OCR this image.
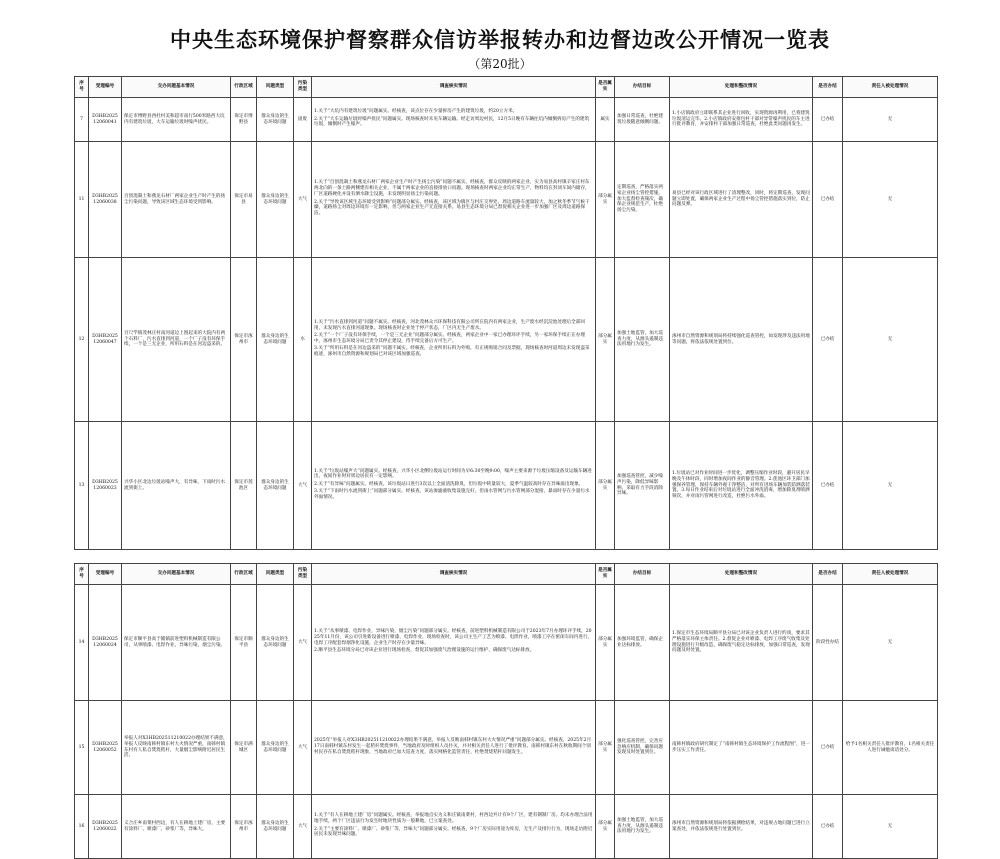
中央生态环境保护督察群众信访举报转办和边督边改公开情况一览表
（第20批）
序号	受理编号	交办问题基本情况	行政区域	问题类型	污染类型	调查核实情况	是否属实	办结目标	处理和整改情况	是否办结	责任人被处理情况
7	D3HB202512060041	保定市博野县西杜村美和超市南行500米路西大坑内有建筑垃圾，大车运输垃圾时噪声扰民。	保定市博野县	群众身边的生态环境问题	固废	1.关于“大坑内有建筑垃圾”问题属实。经核查，该点位存在少量拆房产生的建筑垃圾，约20立方米。

2.关于“大车运输垃圾时噪声扰民”问题属实。现场核查时未见车辆运输。经走访周边村民，12月5日晚有车辆往坑内倾倒拆房产生的建筑垃圾，倾倒时产生噪声。	属实	加强日常巡查，杜绝建筑垃圾随意倾倒问题。	1.小店镇政府立即联系其企业进行回收，实现资源再利用，已将建筑垃圾清运完毕。2.小店镇政府安排包村干部对异常噪声扰民的车主进行批评教育，并安排村干部加强日常巡查，杜绝此类问题再发生。	已办结	无
11	D3HB202512060038	百创混凝土和燕龙石材厂两家企业生产时产生的扬尘污染问题，导致该区域生态环境受到影响。	保定市易县	群众身边的生态环境问题	大气	1.关于“百创混凝土和燕龙石材厂两家企业生产时产生扬尘污染”问题不属实。经核查，群众反映的两家企业，实为易县高村镇辛家庄村东两北向的一条土路两侧建有相关企业，不属于两家企业的直接排放口问题。现场核查时两家企业均正常生产，物料均在封闭车间内储存，厂区道路硬化并设有洒水降尘设施，未发现明显扬尘污染问题。

2.关于“导致该区域生态环境受到影响”问题部分属实。经核查，该区域为镇区与村庄交界处，周边道路车流量较大，加之秋冬季节气候干燥，道路扬尘对周边环境有一定影响，但与两家企业生产无直接关系。易县生态环境分局已督促相关企业进一步加强厂区及周边道路保洁。	部分属实	定期巡查，严格落实两家企业扬尘管控措施，加大监督检查频次，确保企业规范生产，杜绝扬尘污染。	易县已经对该行政区域进行了清理整改，同时，将定期巡查，发现问题立即处置，确保两家企业生产过程中扬尘管控措施落实到位，防止问题反弹。	已办结	无
12	D3HB202512060047	百尺竿镇茂林庄村南河道边上围起来的大院内有两个石料厂，污水直排到河道，一个厂子没有环保手续，一个是三无企业，所用石料是在河边盗采的。	保定市涿州市	群众身边的生态环境问题	水	1.关于“污水直排到河道”问题不属实。经核查，河北茂林众兴环保科技有限公司所在院内有两家企业，生产废水经沉淀池处理后全部回用，未发现污水直排河道现象。现场核查时企业处于停产状态，厂区内无生产废水。

2.关于“一个厂子没有环保手续，一个是三无企业”问题部分属实。经核查，两家企业中一家已办理环评手续，另一家环保手续正在办理中，涿州市生态环境分局已责令其停止建设，待手续完备后方可生产。

3.关于“所用石料是在河边盗采的”问题不属实。经核查，企业所用石料为外购，有正规购销合同及票据，现场核查时河道周边未发现盗采痕迹，涿州市自然资源和规划局已对该区域加强巡查。	部分属实	加强土地监管，加大巡查力度，从源头遏制违法用地行为发生。	涿州市自然资源和规划局将持续强化巡查管控，如发现涉及违法用地等问题，将依法依规处置到位。	已办结	无
13	D3HB202512060023	兴华小区北边垃圾站噪声大，有异味，下雨时污水流到街上。	保定市莲池区	群众身边的生态环境问题	大气	1.关于“垃圾站噪声大”问题属实。经核查，兴华小区北侧垃圾站运行时间为早6:30至晚9:00，噪声主要来源于垃圾压缩设备及运输车辆进出，夜间作业时对周边居民有一定影响。

2.关于“有异味”问题属实。经核查，该垃圾站日进行3次以上全面清洗除臭，但垃圾中转量较大，夏季气温较高时存在异味溢出现象。

3.关于“下雨时污水流到街上”问题部分属实。经核查，该站渗滤液收集设施完好，但雨水管网与污水管网部分混接，暴雨时存在少量污水外溢情况。	部分属实	加强巡查管控，减少噪声污染，降低异味影响，采取有力手段消除异味。	1.垃圾站已对作业时间进一步优化，调整压缩作业时段，避开居民早晚及午休时段，同时增加夜间作业的静音管理。2.莲池区环卫部门加强保养管理，保持车辆外观干净整洁，对所有进场车辆加装防洒落装置。3.每日作业结束后对垃圾站进行全面冲洗消毒，增加除臭剂喷洒频次，并对雨污管网进行改造，杜绝污水外溢。	已办结	无
序号	受理编号	交办问题基本情况	行政区域	问题类型	污染类型	调查核实情况	是否属实	办结目标	处理和整改情况	是否办结	责任人被处理情况
14	D3HB202512060024	保定市顺平县高于铺镇前进塑料机械制造有限公司，从事喷漆、电焊作业，异味污染，烟尘污染。	保定市顺平县	群众身边的生态环境问题	大气	1.关于“从事喷漆、电焊作业，异味污染，烟尘污染”问题部分属实。经核查，前进塑料机械制造有限公司于2023年7月办理环评手续，2025年11月份，该公司引进新设备进行喷漆、电焊作业，现场检查时，该公司主生产工艺为喷漆、电焊作业，喷漆工序在密闭车间内进行，电焊工序配套焊烟净化设施，企业生产时存在少量异味。

2.顺平县生态环境分局已对该企业进行现场检查，督促其加强废气治理设施的运行维护，确保废气达标排放。	部分属实	加强环境监管，确保企业达标排放。	1.保定市生态环境局顺平县分局已对该企业负责人进行约谈，要求其严格落实环保主体责任。2.督促企业对喷漆、电焊工序废气收集及处理设施进行升级改造，确保废气稳定达标排放，加强日常巡查，发现问题及时处置。	阶段性办结	无
15	D3HB202512060052	举报人对X3HB202511210022办理结果不满意，举报人反映南韩村镇东村大火情况严重，南韩村镇东村有人私自焚烧秸秆，大量烟尘影响附近居民生活。	保定市满城区	群众身边的生态环境问题	大气	2025年“举报人对X3HB202511210022办理结果不满意，举报人反映南韩村镇东村大火情况严重”问题部分属实。经核查，2025年2月17日南韩村镇东村发生一起秸秆焚烧事件，当地政府及时组织人员扑灭，并对相关责任人进行了批评教育。南韩村镇东村在秋收期间个别村民存在私自焚烧秸秆现象，当地政府已加大巡查力度，落实网格化监管责任，杜绝焚烧秸秆问题发生。	部分属实	强化巡查管控，完善应急响应机制，确保问题发现及时处置到位。	南韩村镇政府研究制定了“南韩村镇生态环境保护工作流程图”，进一步压实工作责任。	已办结	给予1名相关责任人批评教育，1名相关责任人进行诫勉谈话处分。
16	D3HB202512060022	义合庄乡南菜村西边，有人在耕地上建厂房，主要有涂料厂、喷漆厂、砂浆厂等，异味大。	保定市涿州市	群众身边的生态环境问题	大气	1.关于“有人在耕地上建厂房”问题属实。经核查，举报地点实为义和庄镇南菜村，村西边共计有9个厂区，建有钢制厂房。均未办理合法用地手续，两个厂区违法行为发生时地块性质为一般耕地，已立案查处。

2.关于“主要有涂料厂、喷漆厂、砂浆厂等，异味大”问题部分属实。经核查，9个厂房实际用途为库房，无生产及排污行为，现场走访附近居民未发现异味问题。	部分属实	加强土地监管，加大巡查力度，从源头遏制违法用地行为发生。	涿州市自然资源和规划局将依据测绘结果，对违规占地问题已进行立案查处，并依法依规进行处置到位。	已办结	无
